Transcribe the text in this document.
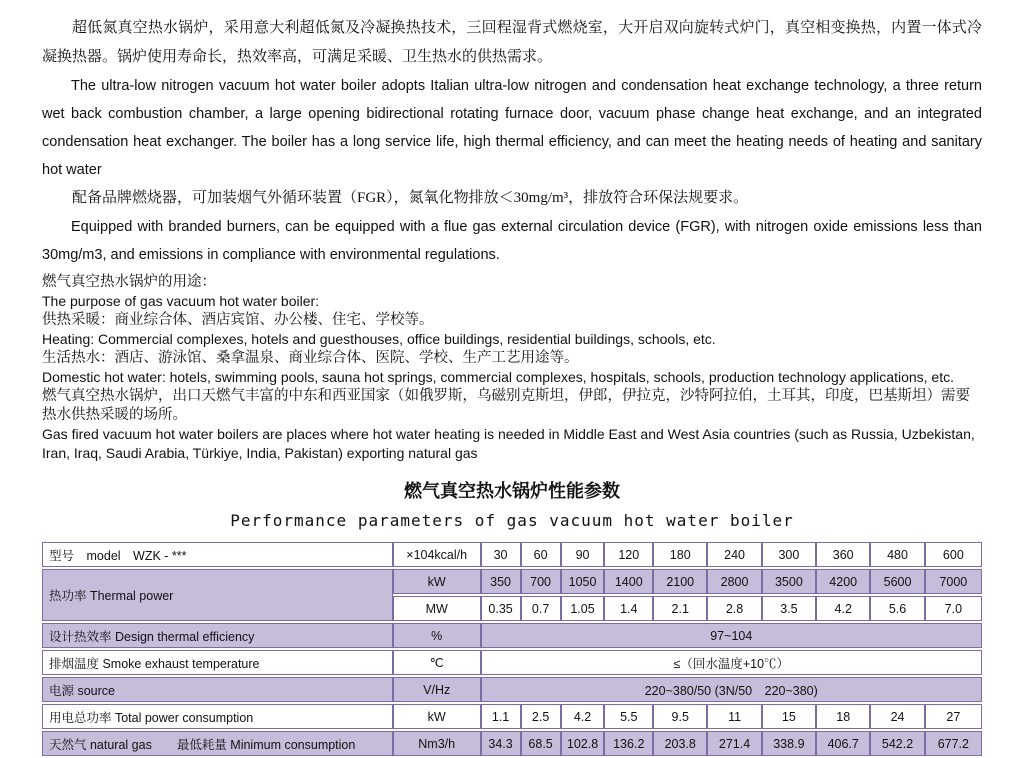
超低氮真空热水锅炉，采用意大利超低氮及冷凝换热技术，三回程湿背式燃烧室，大开启双向旋转式炉门，真空相变换热，内置一体式冷凝换热器。锅炉使用寿命长，热效率高，可满足采暖、卫生热水的供热需求。

The ultra-low nitrogen vacuum hot water boiler adopts Italian ultra-low nitrogen and condensation heat exchange technology, a three return wet back combustion chamber, a large opening bidirectional rotating furnace door, vacuum phase change heat exchange, and an integrated condensation heat exchanger. The boiler has a long service life, high thermal efficiency, and can meet the heating needs of heating and sanitary hot water

配备品牌燃烧器，可加装烟气外循环装置（FGR），氮氧化物排放＜30mg/m³，排放符合环保法规要求。

Equipped with branded burners, can be equipped with a flue gas external circulation device (FGR), with nitrogen oxide emissions less than 30mg/m3, and emissions in compliance with environmental regulations.

燃气真空热水锅炉的用途：

The purpose of gas vacuum hot water boiler:

供热采暖：商业综合体、酒店宾馆、办公楼、住宅、学校等。

Heating: Commercial complexes, hotels and guesthouses, office buildings, residential buildings, schools, etc.

生活热水：酒店、游泳馆、桑拿温泉、商业综合体、医院、学校、生产工艺用途等。

Domestic hot water: hotels, swimming pools, sauna hot springs, commercial complexes, hospitals, schools, production technology applications, etc.

燃气真空热水锅炉，出口天燃气丰富的中东和西亚国家（如俄罗斯，乌磁别克斯坦，伊郎，伊拉克，沙特阿拉伯，土耳其，印度，巴基斯坦）需要热水供热采暖的场所。

Gas fired vacuum hot water boilers are places where hot water heating is needed in Middle East and West Asia countries (such as Russia, Uzbekistan, Iran, Iraq, Saudi Arabia, Türkiye, India, Pakistan) exporting natural gas

燃气真空热水锅炉性能参数
Performance parameters of gas vacuum hot water boiler
型号　model　WZK - ***	×104kcal/h	30	60	90	120	180	240	300	360	480	600
热功率 Thermal power	kW	350	700	1050	1400	2100	2800	3500	4200	5600	7000
	MW	0.35	0.7	1.05	1.4	2.1	2.8	3.5	4.2	5.6	7.0
设计热效率 Design thermal efficiency	%	97~104									
排烟温度 Smoke exhaust temperature	℃	≤（回水温度+10℃）									
电源 source	V/Hz	220~380/50 (3N/50　220~380)									
用电总功率 Total power consumption	kW	1.1	2.5	4.2	5.5	9.5	11	15	18	24	27
天然气 natural gas　　最低耗量 Minimum consumption	Nm3/h	34.3	68.5	102.8	136.2	203.8	271.4	338.9	406.7	542.2	677.2
